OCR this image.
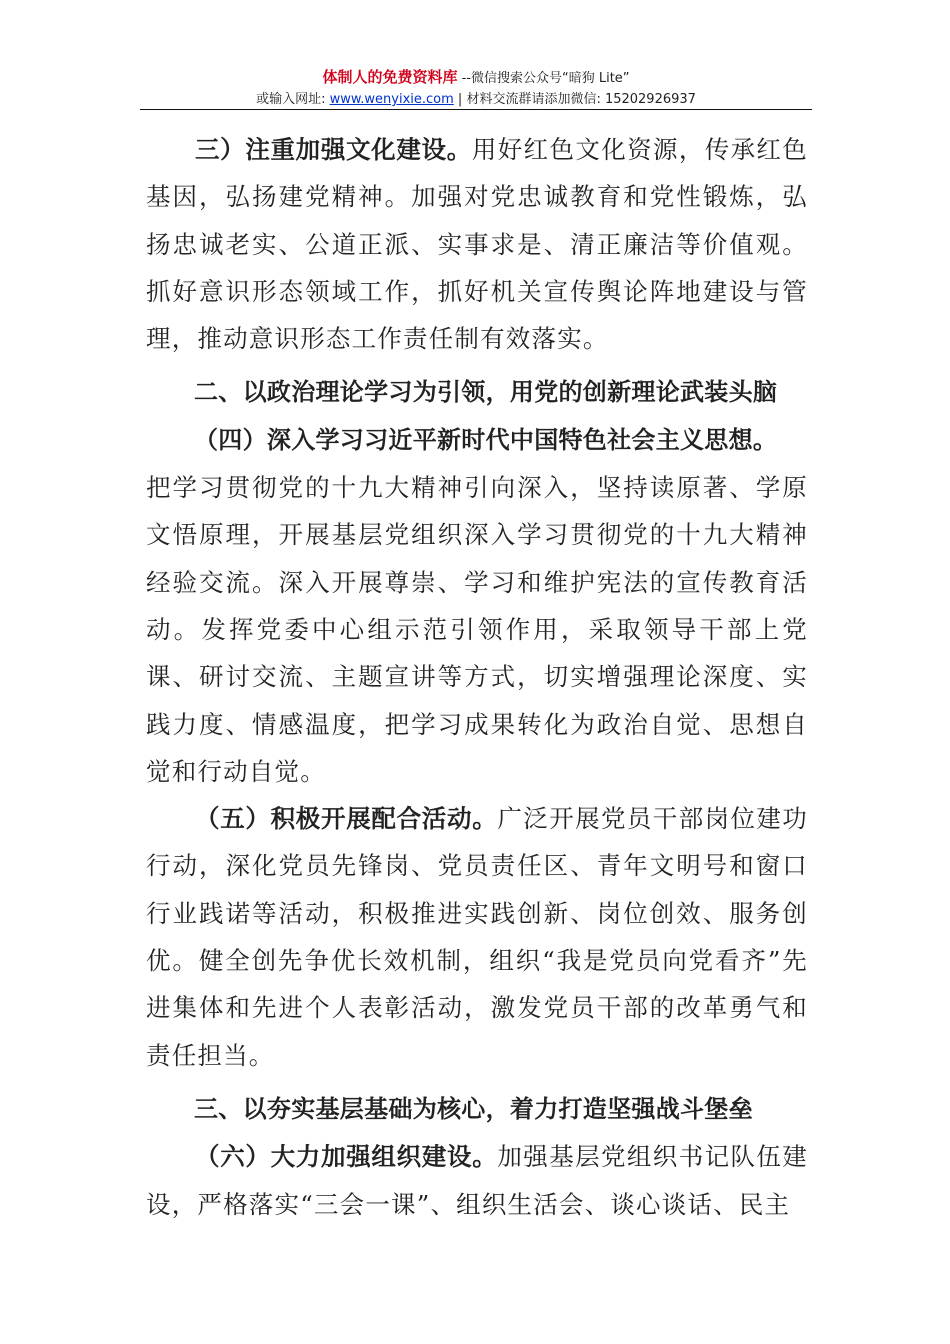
体制人的免费资料库 --微信搜索公众号“暗狗 Lite”
或输入网址: www.wenyixie.com | 材料交流群请添加微信: 15202926937

三）注重加强文化建设。用好红色文化资源，传承红色基因，弘扬建党精神。加强对党忠诚教育和党性锻炼，弘扬忠诚老实、公道正派、实事求是、清正廉洁等价值观。抓好意识形态领域工作，抓好机关宣传舆论阵地建设与管理，推动意识形态工作责任制有效落实。

二、以政治理论学习为引领，用党的创新理论武装头脑

（四）深入学习习近平新时代中国特色社会主义思想。

把学习贯彻党的十九大精神引向深入，坚持读原著、学原文悟原理，开展基层党组织深入学习贯彻党的十九大精神经验交流。深入开展尊崇、学习和维护宪法的宣传教育活动。发挥党委中心组示范引领作用，采取领导干部上党课、研讨交流、主题宣讲等方式，切实增强理论深度、实践力度、情感温度，把学习成果转化为政治自觉、思想自觉和行动自觉。

（五）积极开展配合活动。广泛开展党员干部岗位建功行动，深化党员先锋岗、党员责任区、青年文明号和窗口行业践诺等活动，积极推进实践创新、岗位创效、服务创优。健全创先争优长效机制，组织“我是党员向党看齐”先进集体和先进个人表彰活动，激发党员干部的改革勇气和责任担当。

三、以夯实基层基础为核心，着力打造坚强战斗堡垒

（六）大力加强组织建设。加强基层党组织书记队伍建设，严格落实“三会一课”、组织生活会、谈心谈话、民主
